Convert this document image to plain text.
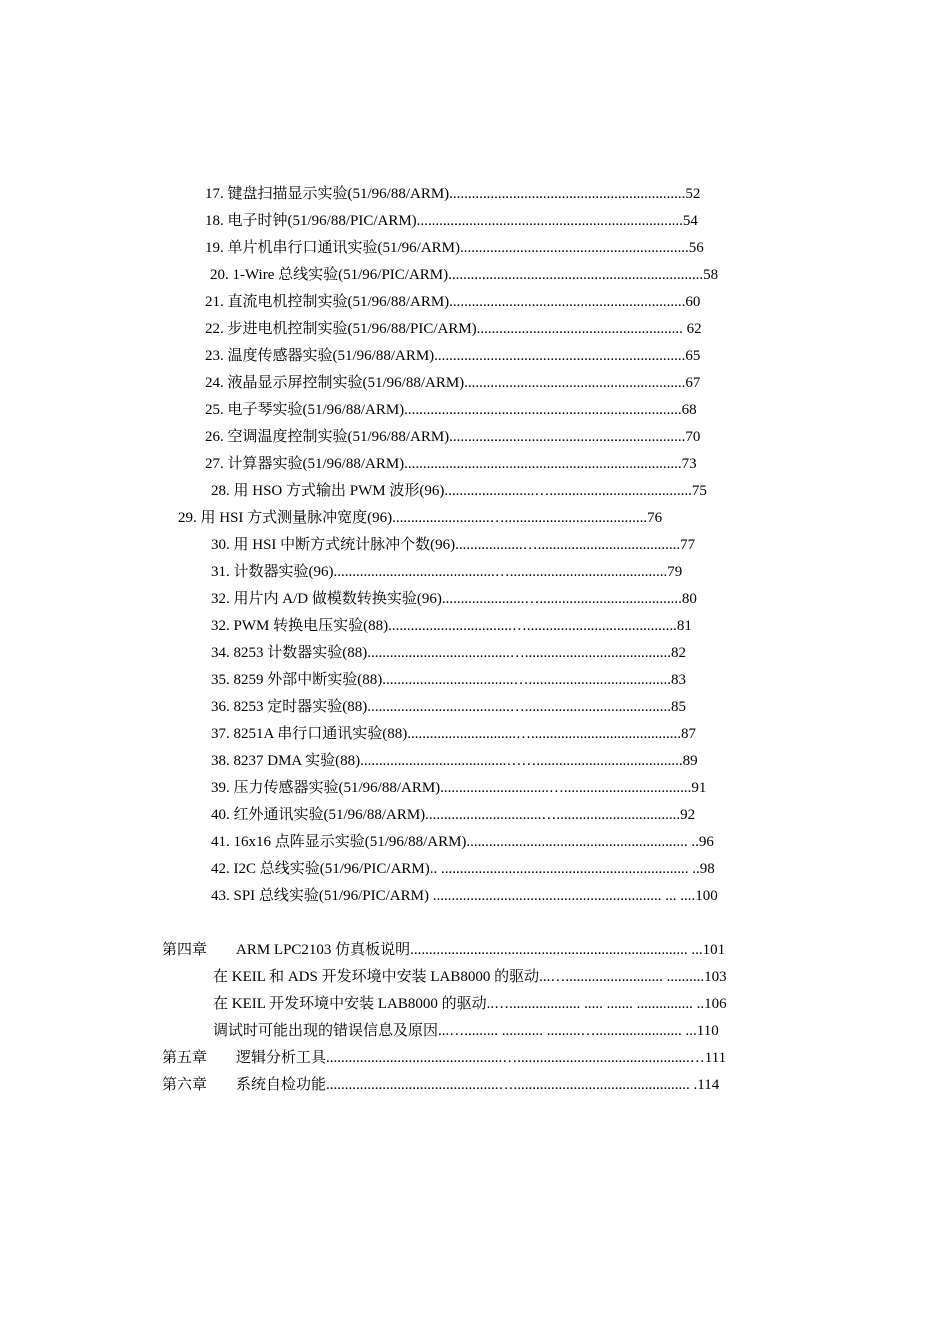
17. 键盘扫描显示实验(51/96/88/ARM)...............................................................52
18. 电子时钟(51/96/88/PIC/ARM).......................................................................54
19. 单片机串行口通讯实验(51/96/ARM).............................................................56
20. 1-Wire 总线实验(51/96/PIC/ARM)....................................................................58
21. 直流电机控制实验(51/96/88/ARM)...............................................................60
22. 步进电机控制实验(51/96/88/PIC/ARM)....................................................... 62
23. 温度传感器实验(51/96/88/ARM)...................................................................65
24. 液晶显示屏控制实验(51/96/88/ARM)...........................................................67
25. 电子琴实验(51/96/88/ARM)..........................................................................68
26. 空调温度控制实验(51/96/88/ARM)...............................................................70
27. 计算器实验(51/96/88/ARM)..........................................................................73
28. 用 HSO 方式输出 PWM 波形(96)........................…......................................75
29. 用 HSI 方式测量脉冲宽度(96)..........................…......................................76
30. 用 HSI 中断方式统计脉冲个数(96)..................…......................................77
31. 计数器实验(96)...........................................…..........................................79
32. 用片内 A/D 做模数转换实验(96)......................…......................................80
32. PWM 转换电压实验(88).................................…........................................81
34. 8253 计数器实验(88)......................................….......................................82
35. 8259 外部中断实验(88)...................................…......................................83
36. 8253 定时器实验(88)......................................….......................................85
37. 8251A 串行口通讯实验(88).............................…........................................87
38. 8237 DMA 实验(88).......................................…….......................................89
39. 压力传感器实验(51/96/88/ARM).............................…..................................91
40. 红外通讯实验(51/96/88/ARM)...............................….................................92
41. 16x16 点阵显示实验(51/96/88/ARM)........................................................... ..96
42. I2C 总线实验(51/96/PIC/ARM).. .................................................................. ..98
43. SPI 总线实验(51/96/PIC/ARM) ............................................................. ... ....100
第四章 ARM LPC2103 仿真板说明.......................................................................... ...101
在 KEIL 和 ADS 开发环境中安装 LAB8000 的驱动...….......................... ..........103
在 KEIL 开发环境中安装 LAB8000 的驱动..…................... ..... ....... ............... ..106
调试时可能出现的错误信息及原因...…......... ........... .........…....................... ...110
第五章 逻辑分析工具...............................................…..............................................…111
第六章 系统自检功能..............................................…............................................... .114
